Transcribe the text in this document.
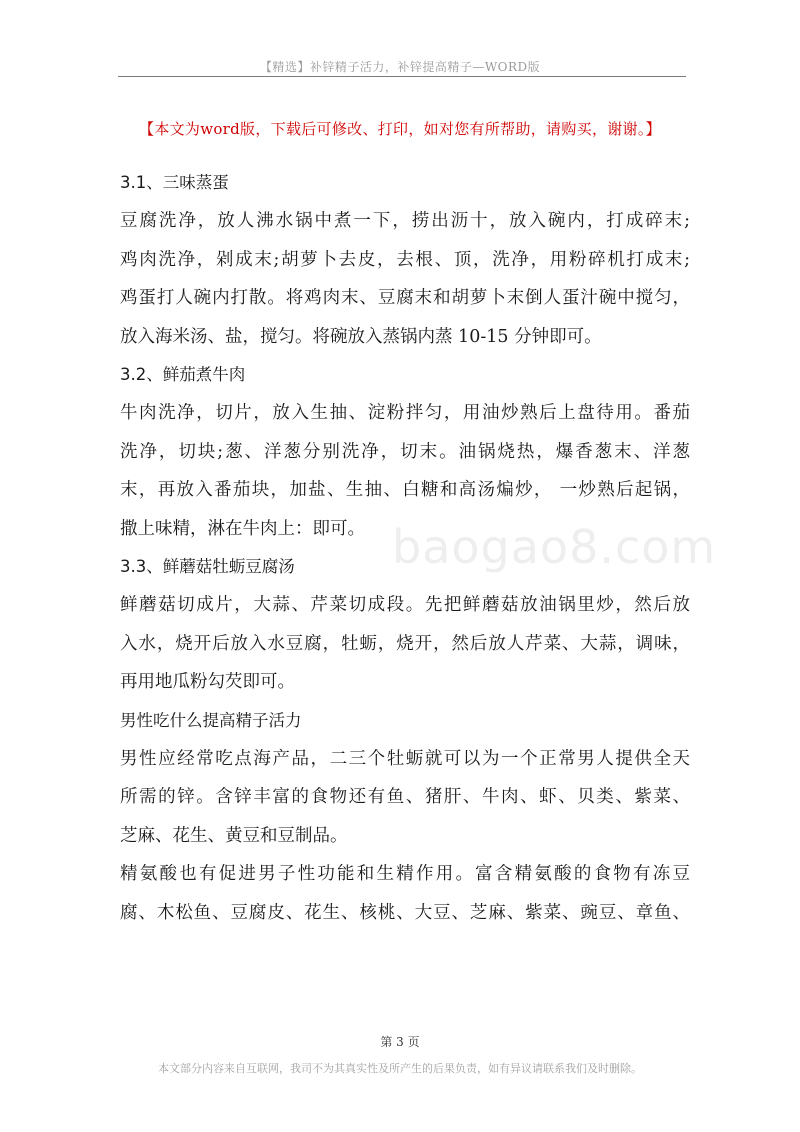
【精选】补锌精子活力，补锌提高精子—WORD版
【本文为word版，下载后可修改、打印，如对您有所帮助，请购买，谢谢。】
baogao8.com
3.1、三味蒸蛋
豆腐洗净，放人沸水锅中煮一下，捞出沥十，放入碗内，打成碎末;
鸡肉洗净，剁成末;胡萝卜去皮，去根、顶，洗净，用粉碎机打成末;
鸡蛋打人碗内打散。将鸡肉末、豆腐末和胡萝卜末倒人蛋汁碗中搅匀，
放入海米汤、盐，搅匀。将碗放入蒸锅内蒸 10-15 分钟即可。
3.2、鲜茄煮牛肉
牛肉洗净，切片，放入生抽、淀粉拌匀，用油炒熟后上盘待用。番茄
洗净，切块;葱、洋葱分别洗净，切末。油锅烧热，爆香葱末、洋葱
末，再放入番茄块，加盐、生抽、白糖和高汤煸炒， 一炒熟后起锅，
撒上味精，淋在牛肉上：即可。
3.3、鲜蘑菇牡蛎豆腐汤
鲜蘑菇切成片，大蒜、芹菜切成段。先把鲜蘑菇放油锅里炒，然后放
入水，烧开后放入水豆腐，牡蛎，烧开，然后放人芹菜、大蒜，调味，
再用地瓜粉勾芡即可。
男性吃什么提高精子活力
男性应经常吃点海产品，二三个牡蛎就可以为一个正常男人提供全天
所需的锌。含锌丰富的食物还有鱼、猪肝、牛肉、虾、贝类、紫菜、
芝麻、花生、黄豆和豆制品。
精氨酸也有促进男子性功能和生精作用。富含精氨酸的食物有冻豆
腐、木松鱼、豆腐皮、花生、核桃、大豆、芝麻、紫菜、豌豆、章鱼、
第 3 页
本文部分内容来自互联网，我司不为其真实性及所产生的后果负责，如有异议请联系我们及时删除。
